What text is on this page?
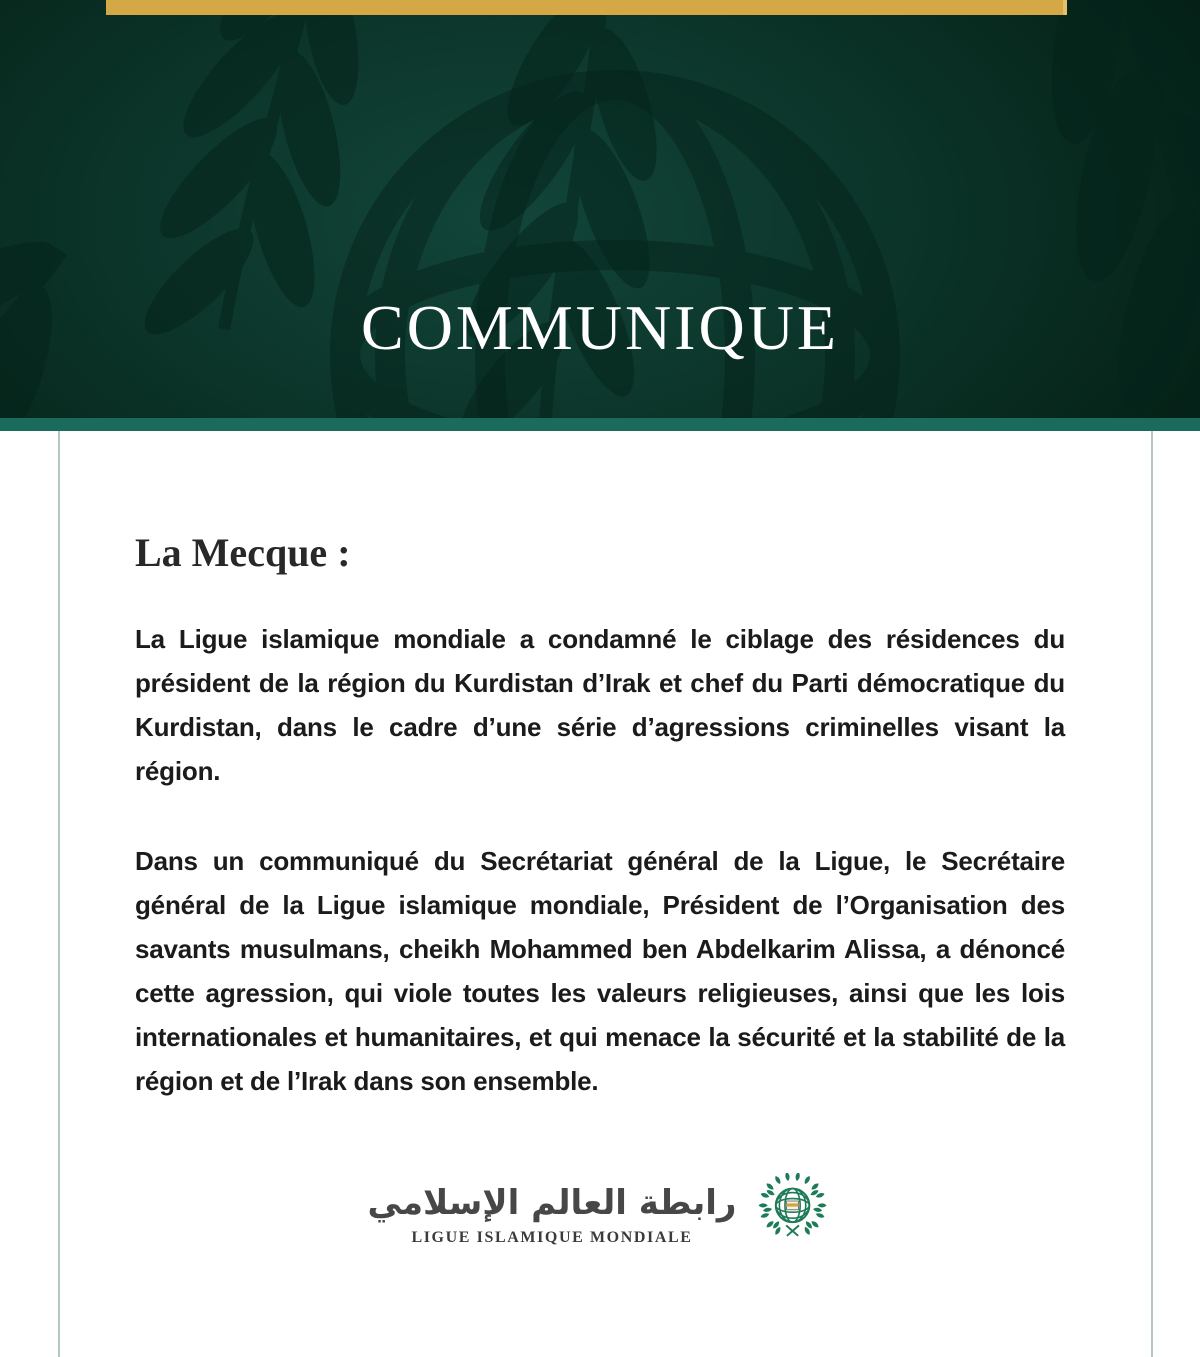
COMMUNIQUE
La Mecque :

La Ligue islamique mondiale a condamné le ciblage des résidences du président de la région du Kurdistan d’Irak et chef du Parti démocratique du Kurdistan, dans le cadre d’une série d’agressions criminelles visant la région.

Dans un communiqué du Secrétariat général de la Ligue, le Secrétaire général de la Ligue islamique mondiale, Président de l’Organisation des savants musulmans, cheikh Mohammed ben Abdelkarim Alissa, a dénoncé cette agression, qui viole toutes les valeurs religieuses, ainsi que les lois internationales et humanitaires, et qui menace la sécurité et la stabilité de la région et de l’Irak dans son ensemble.

رابطة العالم الإسلامي
LIGUE ISLAMIQUE MONDIALE
